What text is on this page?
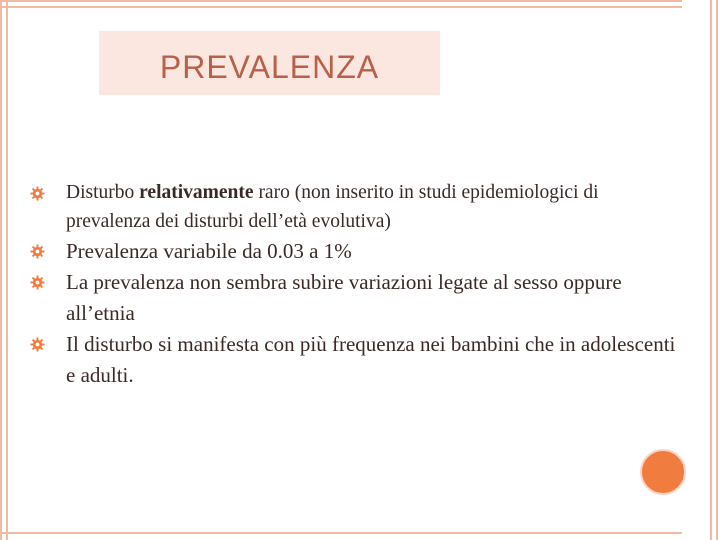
PREVALENZA
Disturbo relativamente raro (non inserito in studi epidemiologici di prevalenza dei disturbi dell’età evolutiva)
Prevalenza variabile da 0.03 a 1%
La prevalenza non sembra subire variazioni legate al sesso oppure all’etnia
Il disturbo si manifesta con più frequenza nei bambini che in adolescenti e adulti.
